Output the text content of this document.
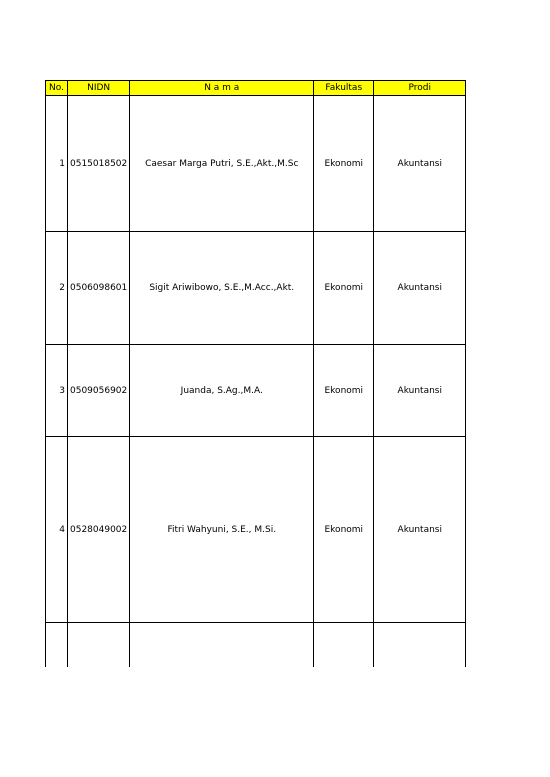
No.	NIDN	N a m a	Fakultas	Prodi
1	0515018502	Caesar Marga Putri, S.E.,Akt.,M.Sc	Ekonomi	Akuntansi
2	0506098601	Sigit Ariwibowo, S.E.,M.Acc.,Akt.	Ekonomi	Akuntansi
3	0509056902	Juanda, S.Ag.,M.A.	Ekonomi	Akuntansi
4	0528049002	Fitri Wahyuni, S.E., M.Si.	Ekonomi	Akuntansi
